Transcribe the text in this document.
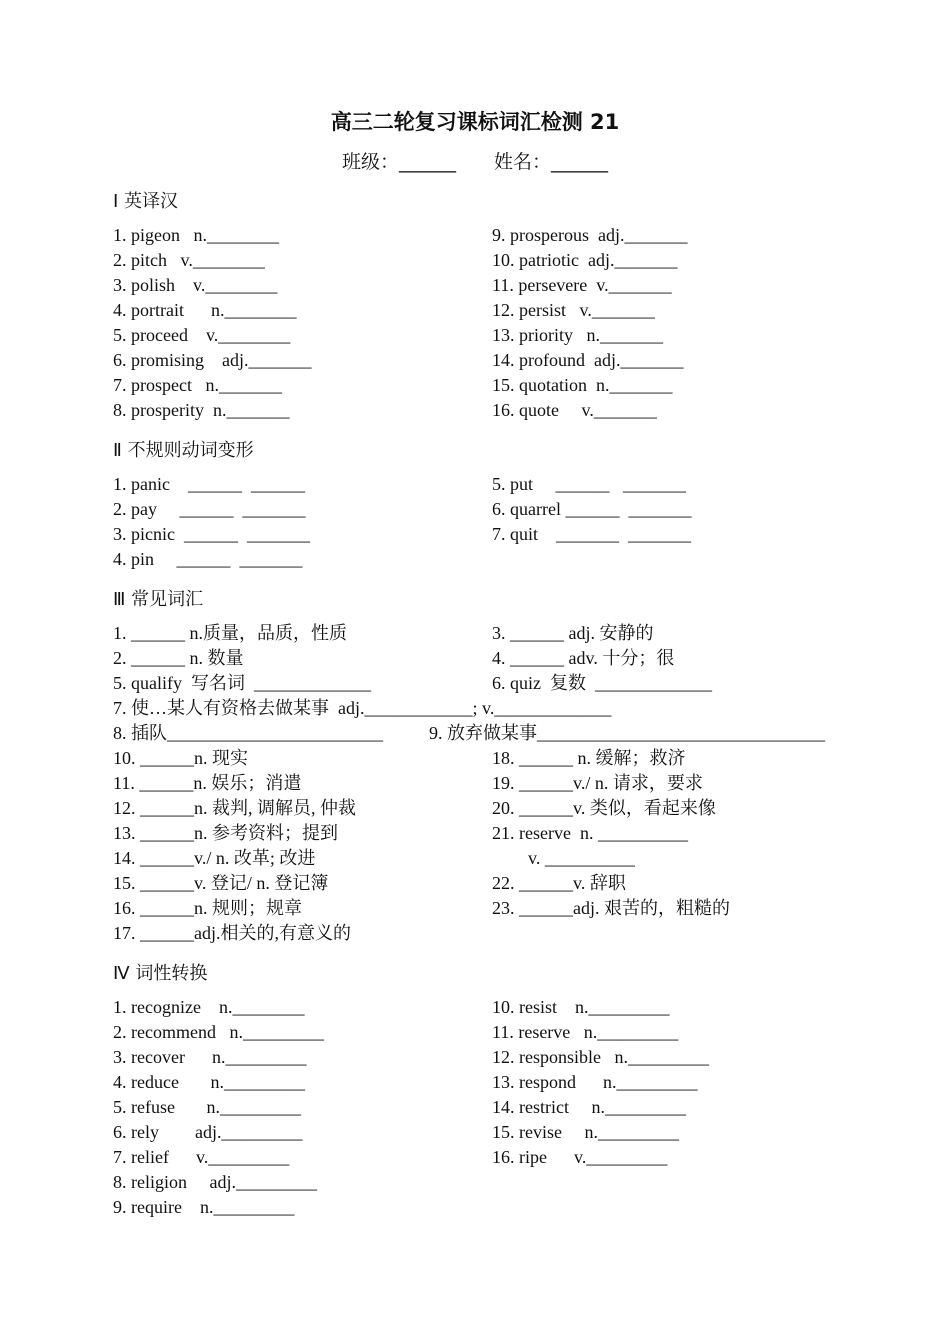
高三二轮复习课标词汇检测 21
班级：______ 姓名：______
Ⅰ 英译汉
1. pigeon   n.________
2. pitch   v.________
3. polish    v.________
4. portrait      n.________
5. proceed    v.________
6. promising    adj._______
7. prospect   n._______
8. prosperity  n._______
9. prosperous  adj._______
10. patriotic  adj._______
11. persevere  v._______
12. persist   v._______
13. priority   n._______
14. profound  adj._______
15. quotation  n._______
16. quote     v._______
Ⅱ 不规则动词变形
1. panic    ______  ______
2. pay     ______  _______
3. picnic  ______  _______
4. pin     ______  _______
5. put     ______   _______
6. quarrel ______  _______
7. quit    _______  _______
Ⅲ 常见词汇
1. ______ n.质量，品质，性质
2. ______ n. 数量
5. qualify  写名词  _____________
3. ______ adj. 安静的
4. ______ adv. 十分；很
6. quiz  复数  _____________
7. 使…某人有资格去做某事  adj.____________; v._____________
8. 插队________________________	9. 放弃做某事________________________________
10. ______n. 现实
11. ______n. 娱乐；消遣
12. ______n. 裁判, 调解员, 仲裁
13. ______n. 参考资料；提到
14. ______v./ n. 改革; 改进
15. ______v. 登记/ n. 登记簿
16. ______n. 规则；规章
17. ______adj.相关的,有意义的
18. ______ n. 缓解；救济
19. ______v./ n. 请求，要求
20. ______v. 类似，看起来像
21. reserve  n. __________
v. __________
22. ______v. 辞职
23. ______adj. 艰苦的，粗糙的
Ⅳ 词性转换
1. recognize    n.________
2. recommend   n._________
3. recover      n._________
4. reduce       n._________
5. refuse       n._________
6. rely        adj._________
7. relief      v._________
8. religion     adj._________
9. require    n._________
10. resist    n._________
11. reserve   n._________
12. responsible   n._________
13. respond      n._________
14. restrict     n._________
15. revise     n._________
16. ripe      v._________
